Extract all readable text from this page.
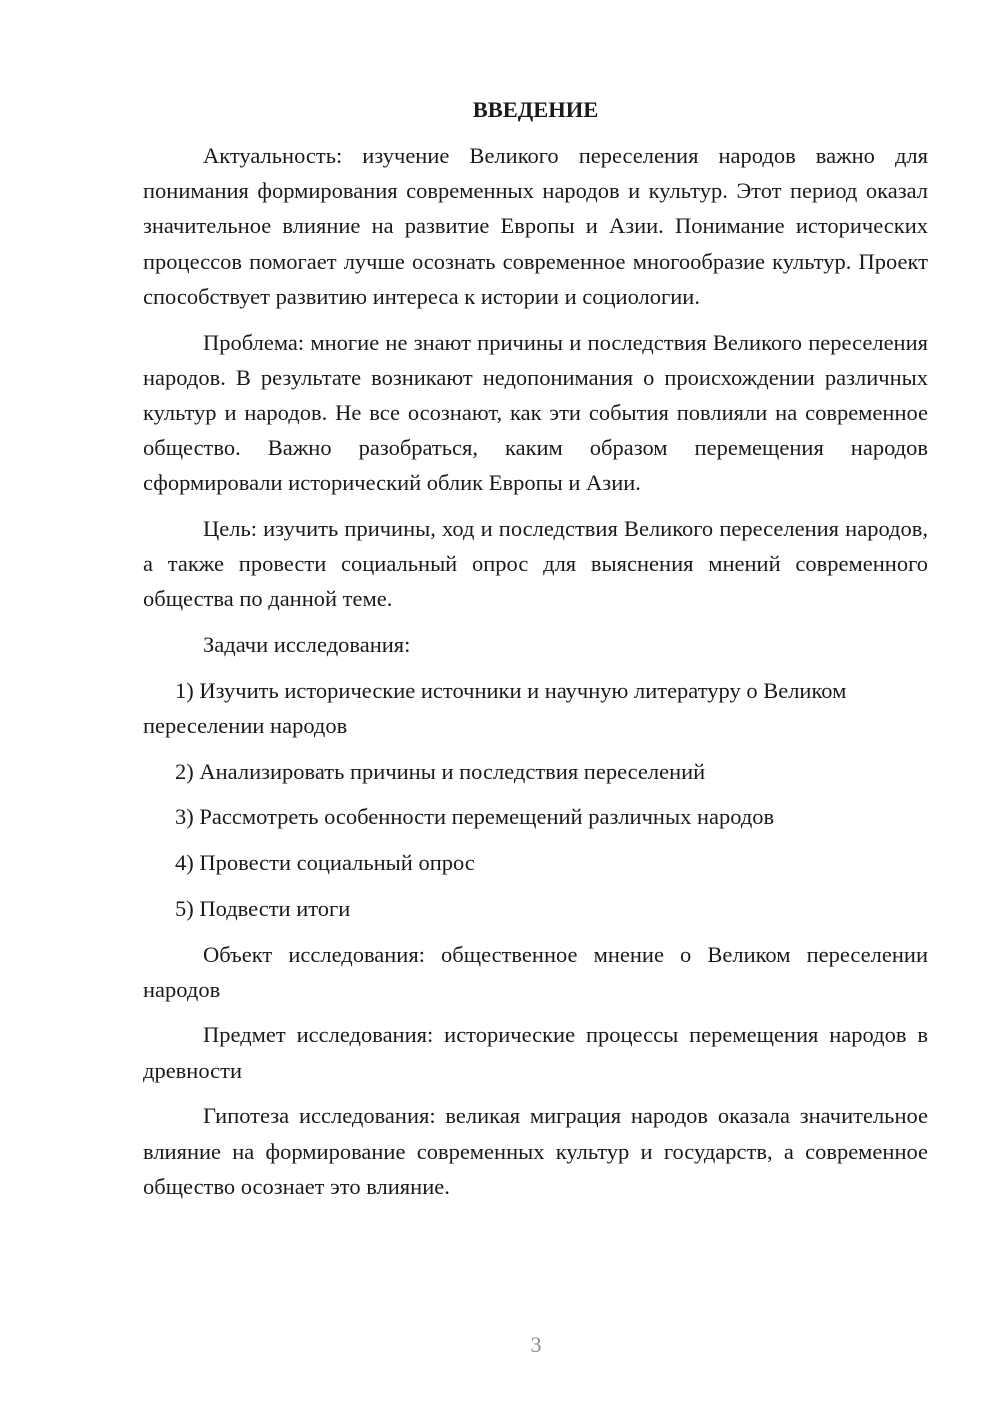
ВВЕДЕНИЕ

Актуальность: изучение Великого переселения народов важно для понимания формирования современных народов и культур. Этот период оказал значительное влияние на развитие Европы и Азии. Понимание исторических процессов помогает лучше осознать современное многообразие культур. Проект способствует развитию интереса к истории и социологии.

Проблема: многие не знают причины и последствия Великого переселения народов. В результате возникают недопонимания о происхождении различных культур и народов. Не все осознают, как эти события повлияли на современное общество. Важно разобраться, каким образом перемещения народов сформировали исторический облик Европы и Азии.

Цель: изучить причины, ход и последствия Великого переселения народов, а также провести социальный опрос для выяснения мнений современного общества по данной теме.

Задачи исследования:

1) Изучить исторические источники и научную литературу о Великом переселении народов

2) Анализировать причины и последствия переселений

3) Рассмотреть особенности перемещений различных народов

4) Провести социальный опрос

5) Подвести итоги

Объект исследования: общественное мнение о Великом переселении народов

Предмет исследования: исторические процессы перемещения народов в древности

Гипотеза исследования: великая миграция народов оказала значительное влияние на формирование современных культур и государств, а современное общество осознает это влияние.

3
